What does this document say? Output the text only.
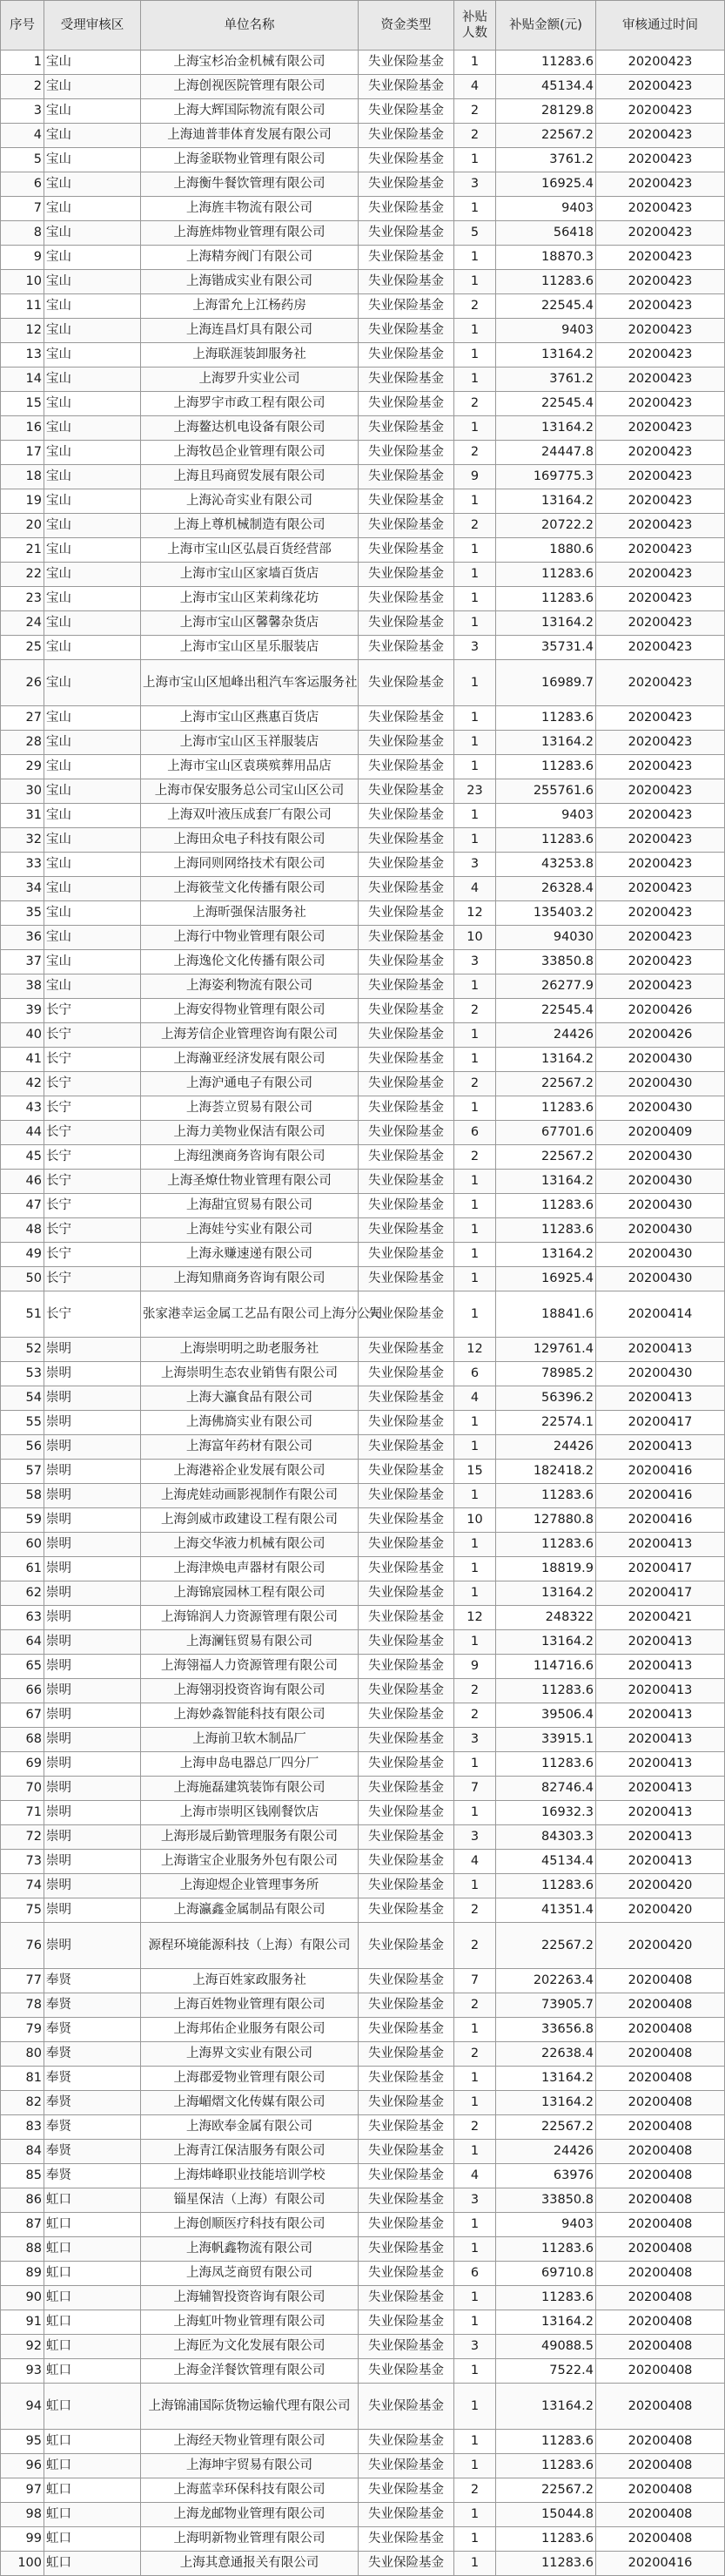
序号	受理审核区	单位名称	资金类型	补贴人数	补贴金额(元)	审核通过时间
1	宝山	上海宝杉冶金机械有限公司	失业保险基金	1	11283.6	20200423
2	宝山	上海创视医院管理有限公司	失业保险基金	4	45134.4	20200423
3	宝山	上海大辉国际物流有限公司	失业保险基金	2	28129.8	20200423
4	宝山	上海迪普菲体育发展有限公司	失业保险基金	2	22567.2	20200423
5	宝山	上海釜联物业管理有限公司	失业保险基金	1	3761.2	20200423
6	宝山	上海衡牛餐饮管理有限公司	失业保险基金	3	16925.4	20200423
7	宝山	上海旌丰物流有限公司	失业保险基金	1	9403	20200423
8	宝山	上海旌炜物业管理有限公司	失业保险基金	5	56418	20200423
9	宝山	上海精夯阀门有限公司	失业保险基金	1	18870.3	20200423
10	宝山	上海锴成实业有限公司	失业保险基金	1	11283.6	20200423
11	宝山	上海雷允上江杨药房	失业保险基金	2	22545.4	20200423
12	宝山	上海连昌灯具有限公司	失业保险基金	1	9403	20200423
13	宝山	上海联涯装卸服务社	失业保险基金	1	13164.2	20200423
14	宝山	上海罗升实业公司	失业保险基金	1	3761.2	20200423
15	宝山	上海罗宇市政工程有限公司	失业保险基金	2	22545.4	20200423
16	宝山	上海鳌达机电设备有限公司	失业保险基金	1	13164.2	20200423
17	宝山	上海牧邑企业管理有限公司	失业保险基金	2	24447.8	20200423
18	宝山	上海且玛商贸发展有限公司	失业保险基金	9	169775.3	20200423
19	宝山	上海沁奇实业有限公司	失业保险基金	1	13164.2	20200423
20	宝山	上海上尊机械制造有限公司	失业保险基金	2	20722.2	20200423
21	宝山	上海市宝山区弘晨百货经营部	失业保险基金	1	1880.6	20200423
22	宝山	上海市宝山区家墙百货店	失业保险基金	1	11283.6	20200423
23	宝山	上海市宝山区茉莉缘花坊	失业保险基金	1	11283.6	20200423
24	宝山	上海市宝山区馨馨杂货店	失业保险基金	1	13164.2	20200423
25	宝山	上海市宝山区星乐服装店	失业保险基金	3	35731.4	20200423
26	宝山	上海市宝山区旭峰出租汽车客运服务社	失业保险基金	1	16989.7	20200423
27	宝山	上海市宝山区燕惠百货店	失业保险基金	1	11283.6	20200423
28	宝山	上海市宝山区玉祥服装店	失业保险基金	1	13164.2	20200423
29	宝山	上海市宝山区袁瑛殡葬用品店	失业保险基金	1	11283.6	20200423
30	宝山	上海市保安服务总公司宝山区公司	失业保险基金	23	255761.6	20200423
31	宝山	上海双叶液压成套厂有限公司	失业保险基金	1	9403	20200423
32	宝山	上海田众电子科技有限公司	失业保险基金	1	11283.6	20200423
33	宝山	上海同则网络技术有限公司	失业保险基金	3	43253.8	20200423
34	宝山	上海筱莹文化传播有限公司	失业保险基金	4	26328.4	20200423
35	宝山	上海昕强保洁服务社	失业保险基金	12	135403.2	20200423
36	宝山	上海行中物业管理有限公司	失业保险基金	10	94030	20200423
37	宝山	上海逸伦文化传播有限公司	失业保险基金	3	33850.8	20200423
38	宝山	上海姿利物流有限公司	失业保险基金	1	26277.9	20200423
39	长宁	上海安得物业管理有限公司	失业保险基金	2	22545.4	20200426
40	长宁	上海芳信企业管理咨询有限公司	失业保险基金	1	24426	20200426
41	长宁	上海瀚亚经济发展有限公司	失业保险基金	1	13164.2	20200430
42	长宁	上海沪通电子有限公司	失业保险基金	2	22567.2	20200430
43	长宁	上海荟立贸易有限公司	失业保险基金	1	11283.6	20200430
44	长宁	上海力美物业保洁有限公司	失业保险基金	6	67701.6	20200409
45	长宁	上海纽澳商务咨询有限公司	失业保险基金	2	22567.2	20200430
46	长宁	上海圣燎仕物业管理有限公司	失业保险基金	1	13164.2	20200430
47	长宁	上海甜宜贸易有限公司	失业保险基金	1	11283.6	20200430
48	长宁	上海娃兮实业有限公司	失业保险基金	1	11283.6	20200430
49	长宁	上海永赚速递有限公司	失业保险基金	1	13164.2	20200430
50	长宁	上海知鼎商务咨询有限公司	失业保险基金	1	16925.4	20200430
51	长宁	张家港幸运金属工艺品有限公司上海分公司	失业保险基金	1	18841.6	20200414
52	崇明	上海崇明明之助老服务社	失业保险基金	12	129761.4	20200413
53	崇明	上海崇明生态农业销售有限公司	失业保险基金	6	78985.2	20200430
54	崇明	上海大瀛食品有限公司	失业保险基金	4	56396.2	20200413
55	崇明	上海佛旖实业有限公司	失业保险基金	1	22574.1	20200417
56	崇明	上海富年药材有限公司	失业保险基金	1	24426	20200413
57	崇明	上海港裕企业发展有限公司	失业保险基金	15	182418.2	20200416
58	崇明	上海虎娃动画影视制作有限公司	失业保险基金	1	11283.6	20200416
59	崇明	上海剑威市政建设工程有限公司	失业保险基金	10	127880.8	20200416
60	崇明	上海交华液力机械有限公司	失业保险基金	1	11283.6	20200413
61	崇明	上海津焕电声器材有限公司	失业保险基金	1	18819.9	20200417
62	崇明	上海锦宸园林工程有限公司	失业保险基金	1	13164.2	20200417
63	崇明	上海锦润人力资源管理有限公司	失业保险基金	12	248322	20200421
64	崇明	上海澜钰贸易有限公司	失业保险基金	1	13164.2	20200413
65	崇明	上海翎福人力资源管理有限公司	失业保险基金	9	114716.6	20200413
66	崇明	上海翎羽投资咨询有限公司	失业保险基金	2	11283.6	20200413
67	崇明	上海妙淼智能科技有限公司	失业保险基金	2	39506.4	20200413
68	崇明	上海前卫软木制品厂	失业保险基金	3	33915.1	20200413
69	崇明	上海申岛电器总厂四分厂	失业保险基金	1	11283.6	20200413
70	崇明	上海施磊建筑装饰有限公司	失业保险基金	7	82746.4	20200413
71	崇明	上海市崇明区钱刚餐饮店	失业保险基金	1	16932.3	20200413
72	崇明	上海形晟后勤管理服务有限公司	失业保险基金	3	84303.3	20200413
73	崇明	上海谐宝企业服务外包有限公司	失业保险基金	4	45134.4	20200413
74	崇明	上海迎煜企业管理事务所	失业保险基金	1	11283.6	20200420
75	崇明	上海瀛鑫金属制品有限公司	失业保险基金	2	41351.4	20200420
76	崇明	源程环境能源科技（上海）有限公司	失业保险基金	2	22567.2	20200420
77	奉贤	上海百姓家政服务社	失业保险基金	7	202263.4	20200408
78	奉贤	上海百姓物业管理有限公司	失业保险基金	2	73905.7	20200408
79	奉贤	上海邦佑企业服务有限公司	失业保险基金	1	33656.8	20200408
80	奉贤	上海界文实业有限公司	失业保险基金	2	22638.4	20200408
81	奉贤	上海郡爱物业管理有限公司	失业保险基金	1	13164.2	20200408
82	奉贤	上海嵋熠文化传媒有限公司	失业保险基金	1	13164.2	20200408
83	奉贤	上海欧奉金属有限公司	失业保险基金	2	22567.2	20200408
84	奉贤	上海青江保洁服务有限公司	失业保险基金	1	24426	20200408
85	奉贤	上海炜峰职业技能培训学校	失业保险基金	4	63976	20200408
86	虹口	锱星保洁（上海）有限公司	失业保险基金	3	33850.8	20200408
87	虹口	上海创顺医疗科技有限公司	失业保险基金	1	9403	20200408
88	虹口	上海帆鑫物流有限公司	失业保险基金	1	11283.6	20200408
89	虹口	上海凤芝商贸有限公司	失业保险基金	6	69710.8	20200408
90	虹口	上海辅智投资咨询有限公司	失业保险基金	1	11283.6	20200408
91	虹口	上海虹叶物业管理有限公司	失业保险基金	1	13164.2	20200408
92	虹口	上海匠为文化发展有限公司	失业保险基金	3	49088.5	20200408
93	虹口	上海金洋餐饮管理有限公司	失业保险基金	1	7522.4	20200408
94	虹口	上海锦浦国际货物运输代理有限公司	失业保险基金	1	13164.2	20200408
95	虹口	上海经天物业管理有限公司	失业保险基金	1	11283.6	20200408
96	虹口	上海坤宇贸易有限公司	失业保险基金	1	11283.6	20200408
97	虹口	上海蓝幸环保科技有限公司	失业保险基金	2	22567.2	20200408
98	虹口	上海龙邮物业管理有限公司	失业保险基金	1	15044.8	20200408
99	虹口	上海明新物业管理有限公司	失业保险基金	1	11283.6	20200408
100	虹口	上海其意通报关有限公司	失业保险基金	1	11283.6	20200416
